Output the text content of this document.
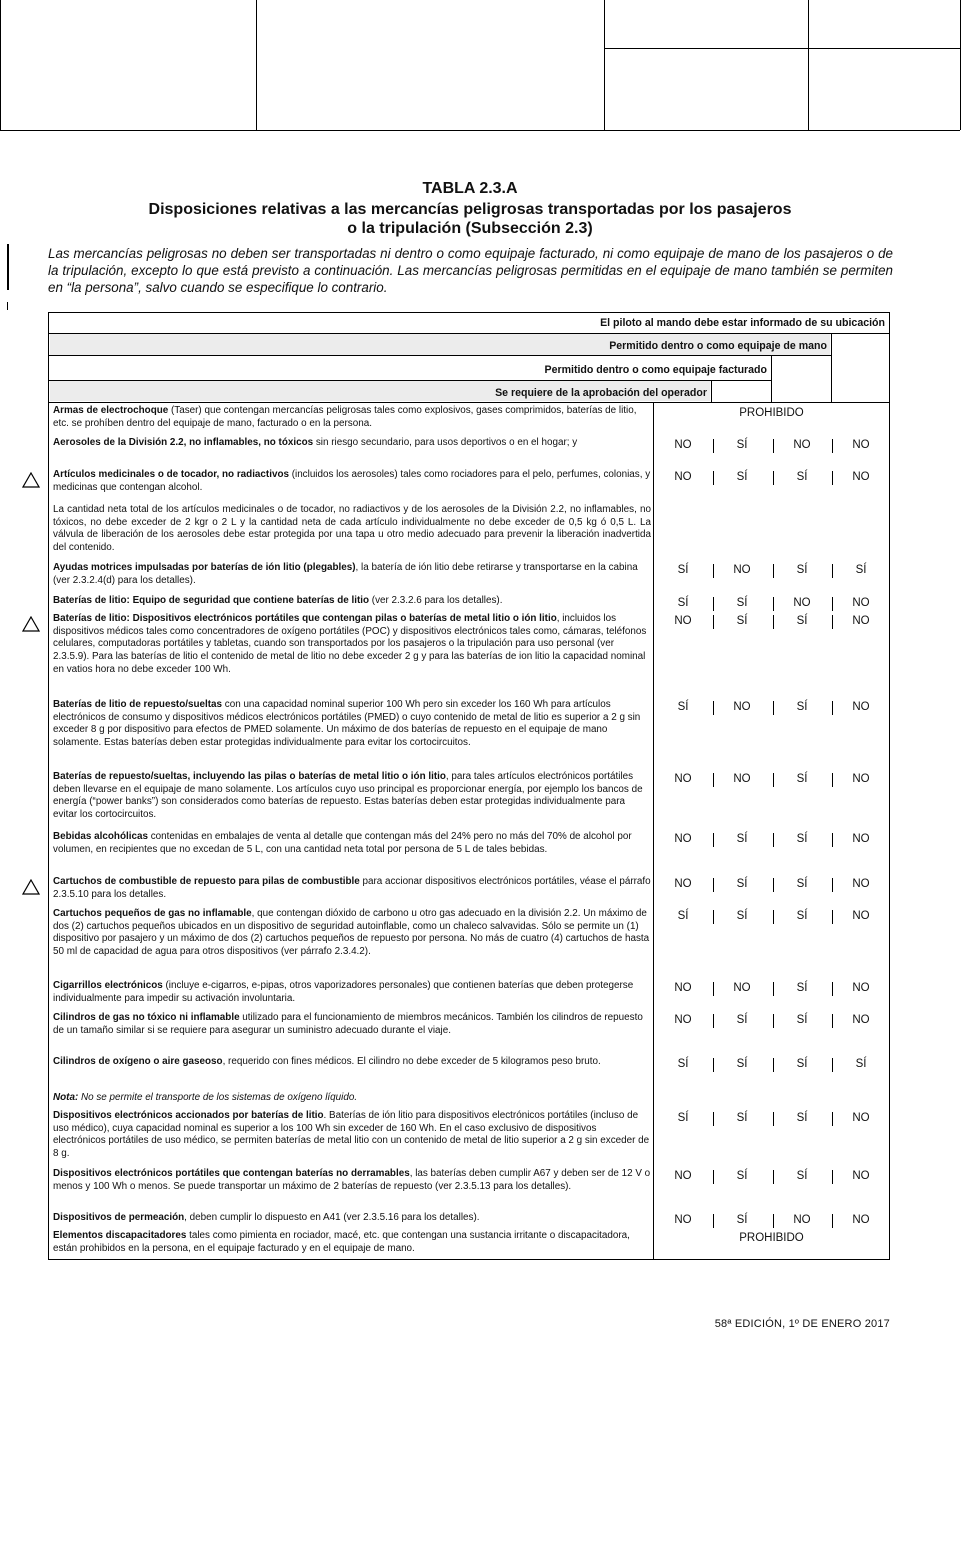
TABLA 2.3.A
Disposiciones relativas a las mercancías peligrosas transportadas por los pasajeros
o la tripulación (Subsección 2.3)
Las mercancías peligrosas no deben ser transportadas ni dentro o como equipaje facturado, ni como equipaje de mano de los pasajeros o de la tripulación, excepto lo que está previsto a continuación. Las mercancías peligrosas permitidas en el equipaje de mano también se permiten en “la persona”, salvo cuando se especifique lo contrario.
El piloto al mando debe estar informado de su ubicación
Permitido dentro o como equipaje de mano
Permitido dentro o como equipaje facturado
Se requiere de la aprobación del operador
Armas de electrochoque (Taser) que contengan mercancías peligrosas tales como explosivos, gases comprimidos, baterías de litio, etc. se prohíben dentro del equipaje de mano, facturado o en la persona.
PROHIBIDO
Aerosoles de la División 2.2, no inflamables, no tóxicos sin riesgo secundario, para usos deportivos o en el hogar; y	NO	SÍ	NO	NO
Artículos medicinales o de tocador, no radiactivos (incluidos los aerosoles) tales como rociadores para el pelo, perfumes, colonias, y medicinas que contengan alcohol.
NO	SÍ	SÍ	NO
La cantidad neta total de los artículos medicinales o de tocador, no radiactivos y de los aerosoles de la División 2.2, no inflamables, no tóxicos, no debe exceder de 2 kgr o 2 L y la cantidad neta de cada artículo individualmente no debe exceder de 0,5 kg ó 0,5 L. La válvula de liberación de los aerosoles debe estar protegida por una tapa u otro medio adecuado para prevenir la liberación inadvertida del contenido.
Ayudas motrices impulsadas por baterías de ión litio (plegables), la batería de ión litio debe retirarse y transportarse en la cabina (ver 2.3.2.4(d) para los detalles).
SÍ	NO	SÍ	SÍ
Baterías de litio: Equipo de seguridad que contiene baterías de litio (ver 2.3.2.6 para los detalles).	SÍ	SÍ	NO	NO
Baterías de litio: Dispositivos electrónicos portátiles que contengan pilas o baterías de metal litio o ión litio, incluidos los dispositivos médicos tales como concentradores de oxígeno portátiles (POC) y dispositivos electrónicos tales como, cámaras, teléfonos celulares, computadoras portátiles y tabletas, cuando son transportados por los pasajeros o la tripulación para uso personal (ver 2.3.5.9). Para las baterías de litio el contenido de metal de litio no debe exceder 2 g y para las baterías de ion litio la capacidad nominal en vatios hora no debe exceder 100 Wh.
NO	SÍ	SÍ	NO
Baterías de litio de repuesto/sueltas con una capacidad nominal superior 100 Wh pero sin exceder los 160 Wh para artículos electrónicos de consumo y dispositivos médicos electrónicos portátiles (PMED) o cuyo contenido de metal de litio es superior a 2 g sin exceder 8 g por dispositivo para efectos de PMED solamente. Un máximo de dos baterías de repuesto en el equipaje de mano solamente. Estas baterías deben estar protegidas individualmente para evitar los cortocircuitos.
SÍ	NO	SÍ	NO
Baterías de repuesto/sueltas, incluyendo las pilas o baterías de metal litio o ión litio, para tales artículos electrónicos portátiles deben llevarse en el equipaje de mano solamente. Los artículos cuyo uso principal es proporcionar energía, por ejemplo los bancos de energía (“power banks”) son considerados como baterías de repuesto. Estas baterías deben estar protegidas individualmente para evitar los cortocircuitos.
NO	NO	SÍ	NO
Bebidas alcohólicas contenidas en embalajes de venta al detalle que contengan más del 24% pero no más del 70% de alcohol por volumen, en recipientes que no excedan de 5 L, con una cantidad neta total por persona de 5 L de tales bebidas.
NO	SÍ	SÍ	NO
Cartuchos de combustible de repuesto para pilas de combustible para accionar dispositivos electrónicos portátiles, véase el párrafo 2.3.5.10 para los detalles.
NO	SÍ	SÍ	NO
Cartuchos pequeños de gas no inflamable, que contengan dióxido de carbono u otro gas adecuado en la división 2.2. Un máximo de dos (2) cartuchos pequeños ubicados en un dispositivo de seguridad autoinflable, como un chaleco salvavidas. Sólo se permite un (1) dispositivo por pasajero y un máximo de dos (2) cartuchos pequeños de repuesto por persona. No más de cuatro (4) cartuchos de hasta 50 ml de capacidad de agua para otros dispositivos (ver párrafo 2.3.4.2).
SÍ	SÍ	SÍ	NO
Cigarrillos electrónicos (incluye e-cigarros, e-pipas, otros vaporizadores personales) que contienen baterías que deben protegerse individualmente para impedir su activación involuntaria.
NO	NO	SÍ	NO
Cilindros de gas no tóxico ni inflamable utilizado para el funcionamiento de miembros mecánicos. También los cilindros de repuesto de un tamaño similar si se requiere para asegurar un suministro adecuado durante el viaje.
NO	SÍ	SÍ	NO
Cilindros de oxígeno o aire gaseoso, requerido con fines médicos. El cilindro no debe exceder de 5 kilogramos peso bruto.	SÍ	SÍ	SÍ	SÍ
Nota: No se permite el transporte de los sistemas de oxígeno líquido.
Dispositivos electrónicos accionados por baterías de litio. Baterías de ión litio para dispositivos electrónicos portátiles (incluso de uso médico), cuya capacidad nominal es superior a los 100 Wh sin exceder de 160 Wh. En el caso exclusivo de dispositivos electrónicos portátiles de uso médico, se permiten baterías de metal litio con un contenido de metal de litio superior a 2 g sin exceder de 8 g.
SÍ	SÍ	SÍ	NO
Dispositivos electrónicos portátiles que contengan baterías no derramables, las baterías deben cumplir A67 y deben ser de 12 V o menos y 100 Wh o menos. Se puede transportar un máximo de 2 baterías de repuesto (ver 2.3.5.13 para los detalles).
NO	SÍ	SÍ	NO
Dispositivos de permeación, deben cumplir lo dispuesto en A41 (ver 2.3.5.16 para los detalles).	NO	SÍ	NO	NO
Elementos discapacitadores tales como pimienta en rociador, macé, etc. que contengan una sustancia irritante o discapacitadora, están prohibidos en la persona, en el equipaje facturado y en el equipaje de mano.
PROHIBIDO
58ª EDICIÓN, 1º DE ENERO 2017
